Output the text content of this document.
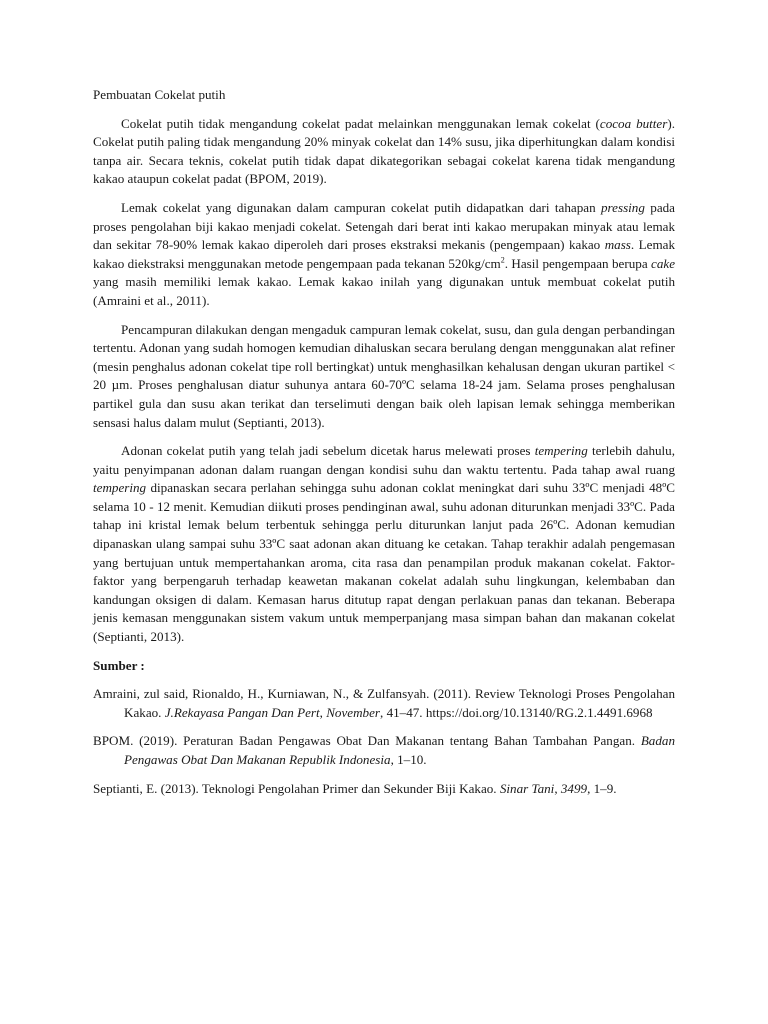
Pembuatan Cokelat putih

Cokelat putih tidak mengandung cokelat padat melainkan menggunakan lemak cokelat (cocoa butter). Cokelat putih paling tidak mengandung 20% minyak cokelat dan 14% susu, jika diperhitungkan dalam kondisi tanpa air. Secara teknis, cokelat putih tidak dapat dikategorikan sebagai cokelat karena tidak mengandung kakao ataupun cokelat padat (BPOM, 2019).

Lemak cokelat yang digunakan dalam campuran cokelat putih didapatkan dari tahapan pressing pada proses pengolahan biji kakao menjadi cokelat. Setengah dari berat inti kakao merupakan minyak atau lemak dan sekitar 78-90% lemak kakao diperoleh dari proses ekstraksi mekanis (pengempaan) kakao mass. Lemak kakao diekstraksi menggunakan metode pengempaan pada tekanan $520kg/cm^2$. Hasil pengempaan berupa cake yang masih memiliki lemak kakao. Lemak kakao inilah yang digunakan untuk membuat cokelat putih (Amraini et al., 2011).

Pencampuran dilakukan dengan mengaduk campuran lemak cokelat, susu, dan gula dengan perbandingan tertentu. Adonan yang sudah homogen kemudian dihaluskan secara berulang dengan menggunakan alat refiner (mesin penghalus adonan cokelat tipe roll bertingkat) untuk menghasilkan kehalusan dengan ukuran partikel < 20 µm. Proses penghalusan diatur suhunya antara 60-70ºC selama 18-24 jam. Selama proses penghalusan partikel gula dan susu akan terikat dan terselimuti dengan baik oleh lapisan lemak sehingga memberikan sensasi halus dalam mulut (Septianti, 2013).

Adonan cokelat putih yang telah jadi sebelum dicetak harus melewati proses tempering terlebih dahulu, yaitu penyimpanan adonan dalam ruangan dengan kondisi suhu dan waktu tertentu. Pada tahap awal ruang tempering dipanaskan secara perlahan sehingga suhu adonan coklat meningkat dari suhu 33ºC menjadi 48ºC selama 10 - 12 menit. Kemudian diikuti proses pendinginan awal, suhu adonan diturunkan menjadi 33ºC. Pada tahap ini kristal lemak belum terbentuk sehingga perlu diturunkan lanjut pada 26ºC. Adonan kemudian dipanaskan ulang sampai suhu 33ºC saat adonan akan dituang ke cetakan. Tahap terakhir adalah pengemasan yang bertujuan untuk mempertahankan aroma, cita rasa dan penampilan produk makanan cokelat. Faktor-faktor yang berpengaruh terhadap keawetan makanan cokelat adalah suhu lingkungan, kelembaban dan kandungan oksigen di dalam. Kemasan harus ditutup rapat dengan perlakuan panas dan tekanan. Beberapa jenis kemasan menggunakan sistem vakum untuk memperpanjang masa simpan bahan dan makanan cokelat (Septianti, 2013).

Sumber :

Amraini, zul said, Rionaldo, H., Kurniawan, N., & Zulfansyah. (2011). Review Teknologi Proses Pengolahan Kakao. J.Rekayasa Pangan Dan Pert, November, 41–47. https://doi.org/10.13140/RG.2.1.4491.6968

BPOM. (2019). Peraturan Badan Pengawas Obat Dan Makanan tentang Bahan Tambahan Pangan. Badan Pengawas Obat Dan Makanan Republik Indonesia, 1–10.

Septianti, E. (2013). Teknologi Pengolahan Primer dan Sekunder Biji Kakao. Sinar Tani, 3499, 1–9.
